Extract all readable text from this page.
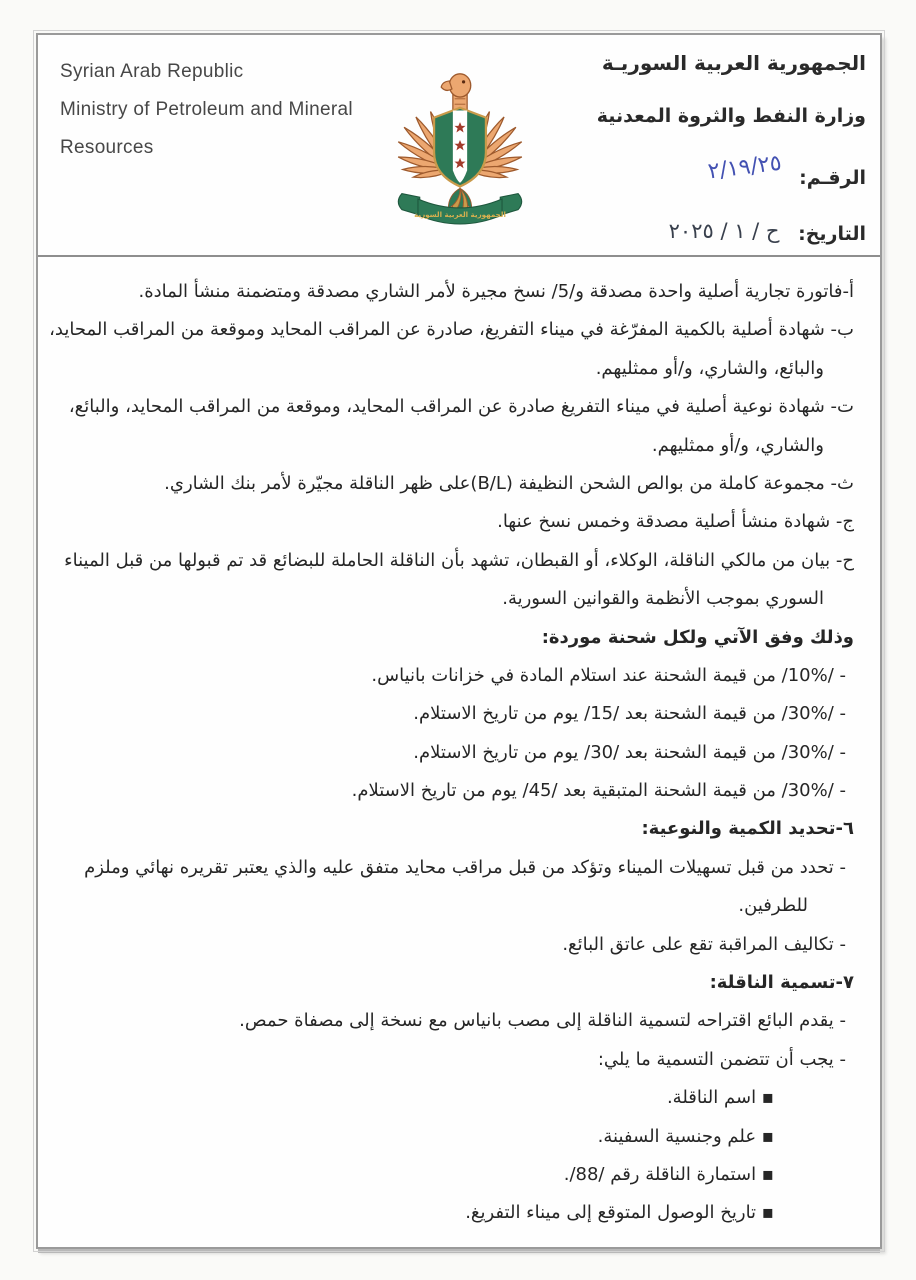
Syrian Arab Republic
Ministry of Petroleum and Mineral
Resources
الجمهورية العربية السورية
الجمهورية العربية السوريـة
وزارة النفط والثروة المعدنية
الرقـم: ٢/١٩/٢٥
التاريخ: ح / ١ / ٢٠٢٥
أ-فاتورة تجارية أصلية واحدة مصدقة و/5/ نسخ مجيرة لأمر الشاري مصدقة ومتضمنة منشأ المادة.
ب- شهادة أصلية بالكمية المفرّغة في ميناء التفريغ، صادرة عن المراقب المحايد وموقعة من المراقب المحايد،
والبائع، والشاري، و/أو ممثليهم.
ت- شهادة نوعية أصلية في ميناء التفريغ صادرة عن المراقب المحايد، وموقعة من المراقب المحايد، والبائع،
والشاري، و/أو ممثليهم.
ث- مجموعة كاملة من بوالص الشحن النظيفة (B/L)على ظهر الناقلة مجيّرة لأمر بنك الشاري.
ج- شهادة منشأ أصلية مصدقة وخمس نسخ عنها.
ح- بيان من مالكي الناقلة، الوكلاء، أو القبطان، تشهد بأن الناقلة الحاملة للبضائع قد تم قبولها من قبل الميناء
السوري بموجب الأنظمة والقوانين السورية.
وذلك وفق الآتي ولكل شحنة موردة:
- /10%/ من قيمة الشحنة عند استلام المادة في خزانات بانياس.
- /30%/ من قيمة الشحنة بعد /15/ يوم من تاريخ الاستلام.
- /30%/ من قيمة الشحنة بعد /30/ يوم من تاريخ الاستلام.
- /30%/ من قيمة الشحنة المتبقية بعد /45/ يوم من تاريخ الاستلام.
٦-تحديد الكمية والنوعية:
- تحدد من قبل تسهيلات الميناء وتؤكد من قبل مراقب محايد متفق عليه والذي يعتبر تقريره نهائي وملزم
للطرفين.
- تكاليف المراقبة تقع على عاتق البائع.
٧-تسمية الناقلة:
- يقدم البائع اقتراحه لتسمية الناقلة إلى مصب بانياس مع نسخة إلى مصفاة حمص.
- يجب أن تتضمن التسمية ما يلي:
▪ اسم الناقلة.
▪ علم وجنسية السفينة.
▪ استمارة الناقلة رقم /88/.
▪ تاريخ الوصول المتوقع إلى ميناء التفريغ.
